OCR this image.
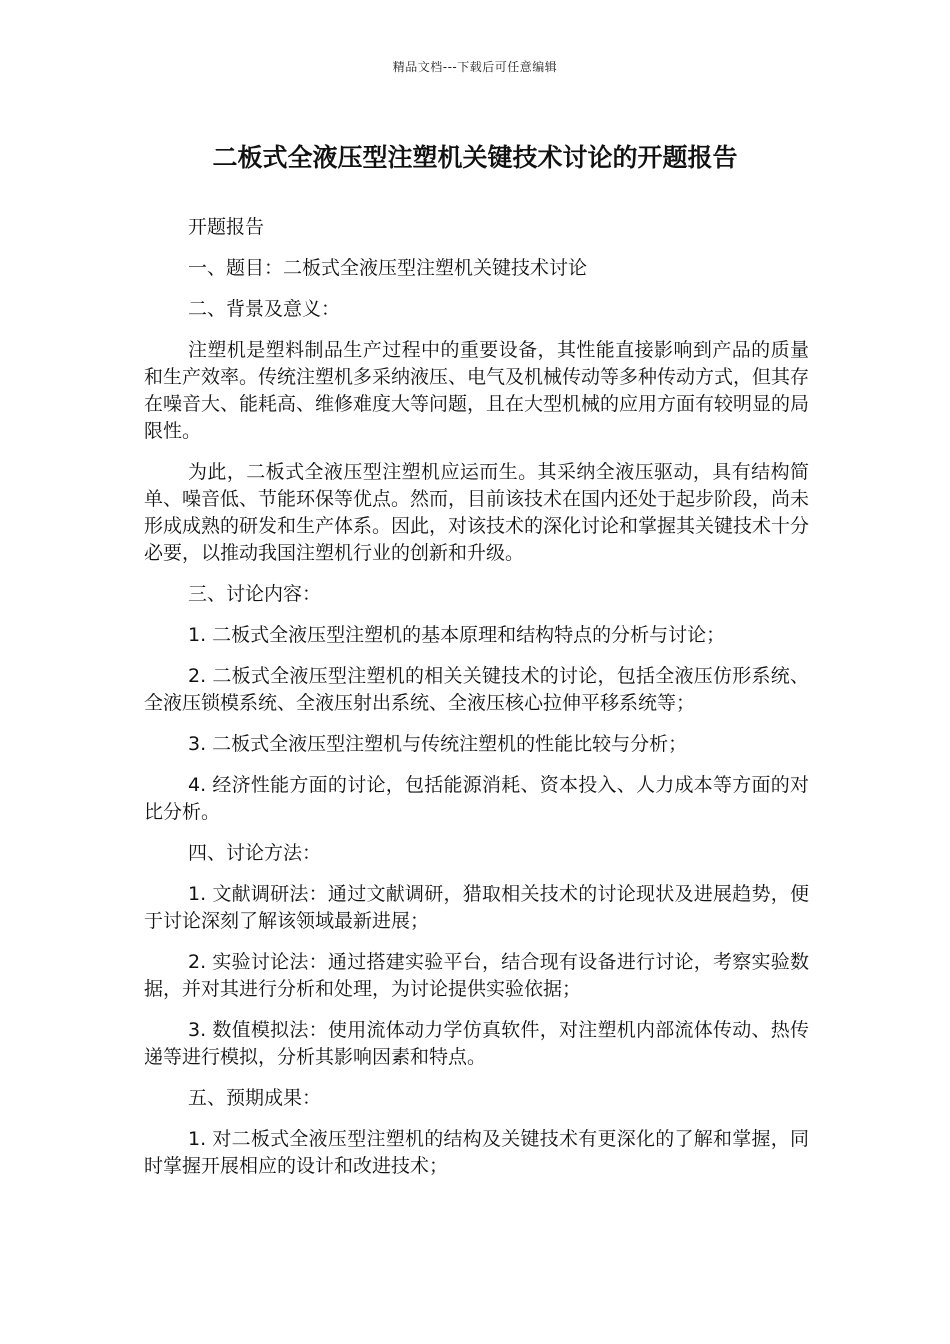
精品文档---下载后可任意编辑
二板式全液压型注塑机关键技术讨论的开题报告

开题报告

一、题目：二板式全液压型注塑机关键技术讨论

二、背景及意义：

注塑机是塑料制品生产过程中的重要设备，其性能直接影响到产品的质量和生产效率。传统注塑机多采纳液压、电气及机械传动等多种传动方式，但其存在噪音大、能耗高、维修难度大等问题，且在大型机械的应用方面有较明显的局限性。

为此，二板式全液压型注塑机应运而生。其采纳全液压驱动，具有结构简单、噪音低、节能环保等优点。然而，目前该技术在国内还处于起步阶段，尚未形成成熟的研发和生产体系。因此，对该技术的深化讨论和掌握其关键技术十分必要，以推动我国注塑机行业的创新和升级。

三、讨论内容：

1. 二板式全液压型注塑机的基本原理和结构特点的分析与讨论；

2. 二板式全液压型注塑机的相关关键技术的讨论，包括全液压仿形系统、全液压锁模系统、全液压射出系统、全液压核心拉伸平移系统等；

3. 二板式全液压型注塑机与传统注塑机的性能比较与分析；

4. 经济性能方面的讨论，包括能源消耗、资本投入、人力成本等方面的对比分析。

四、讨论方法：

1. 文献调研法：通过文献调研，猎取相关技术的讨论现状及进展趋势，便于讨论深刻了解该领域最新进展；

2. 实验讨论法：通过搭建实验平台，结合现有设备进行讨论，考察实验数据，并对其进行分析和处理，为讨论提供实验依据；

3. 数值模拟法：使用流体动力学仿真软件，对注塑机内部流体传动、热传递等进行模拟，分析其影响因素和特点。

五、预期成果：

1. 对二板式全液压型注塑机的结构及关键技术有更深化的了解和掌握，同时掌握开展相应的设计和改进技术；
